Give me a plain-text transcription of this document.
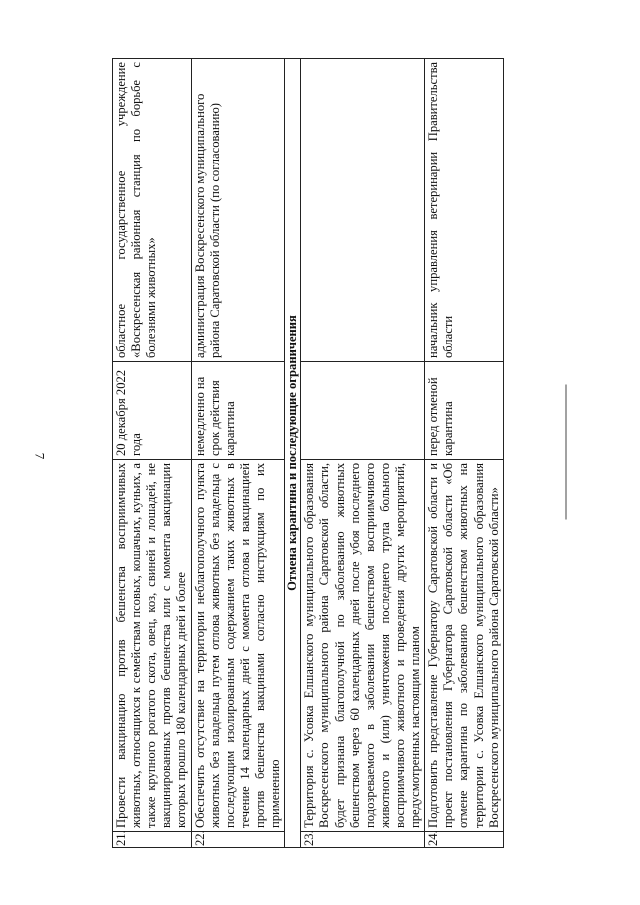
7
21.	Провести вакцинацию против бешенства восприимчивых животных, относящихся к семействам псовых, кошачьих, куньих, а также крупного рогатого скота, овец, коз, свиней и лошадей, не вакцинированных против бешенства или с момента вакцинации которых прошло 180 календарных дней и более	20 декабря 2022 года	областное государственное учреждение «Воскресенская районная станция по борьбе с болезнями животных»
22.	Обеспечить отсутствие на территории неблагополучного пункта животных без владельца путем отлова животных без владельца с последующим изолированным содержанием таких животных в течение 14 календарных дней с момента отлова и вакцинацией против бешенства вакцинами согласно инструкциям по их применению	немедленно на срок действия карантина	администрация Воскресенского муниципального района Саратовской области (по согласованию)
Отмена карантина и последующие ограничения			
23.	Территория с. Усовка Елшанского муниципального образования Воскресенского муниципального района Саратовской области, будет признана благополучной по заболеванию животных бешенством через 60 календарных дней после убоя последнего подозреваемого в заболевании бешенством восприимчивого животного и (или) уничтожения последнего трупа больного восприимчивого животного и проведения других мероприятий, предусмотренных настоящим планом		
24.	Подготовить представление Губернатору Саратовской области и проект постановления Губернатора Саратовской области «Об отмене карантина по заболеванию бешенством животных на территории с. Усовка Елшанского муниципального образования Воскресенского муниципального района Саратовской области»	перед отменой карантина	начальник управления ветеринарии Правительства области
